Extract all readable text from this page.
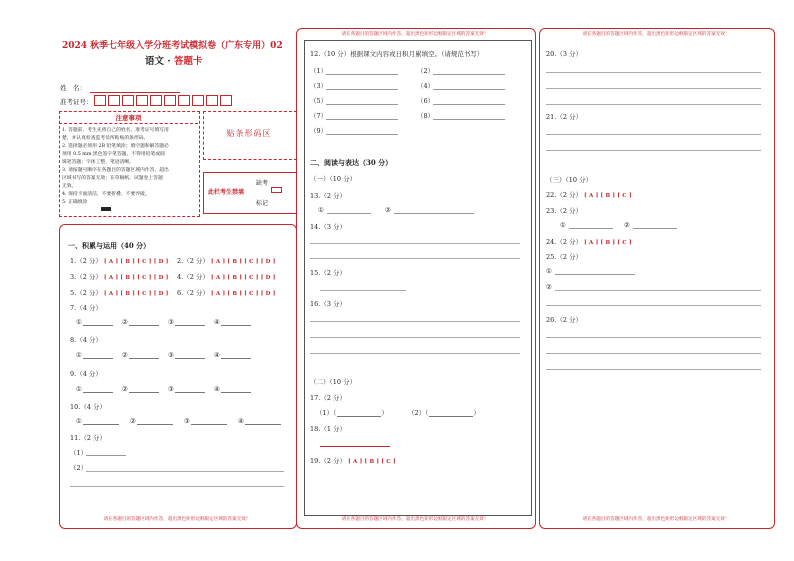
2024 秋季七年级入学分班考试模拟卷（广东专用）02
语文 · 答题卡
姓　名：
准考证号：
注意事项
1. 答题前，考生先将自己的姓名，准考证号填写清
楚，并认真检查监考员所粘贴的条形码。
2. 选择题必须用 2B 铅笔填涂；填空题和解答题必
须用 0.5 mm 黑色签字笔答题，不得用铅笔或圆
珠笔答题；字体工整、笔迹清晰。
3. 请按题号顺序在各题目的答题区域内作答，超出
区域书写的答案无效；在草稿纸、试题卷上答题
无效。
4. 保持卡面清洁，不要折叠、不要弄破。
5. 正确填涂
贴条形码区
此栏考生禁填
缺考
标记
请在各题目的答题区域内作答，超出黑色矩形边框限定区域的答案无效！
一、积累与运用（40 分）
1.（2 分） [ A ] [ B ] [ C ] [ D ] 2.（2 分） [ A ] [ B ] [ C ] [ D ]
3.（2 分） [ A ] [ B ] [ C ] [ D ] 4.（2 分） [ A ] [ B ] [ C ] [ D ]
5.（2 分） [ A ] [ B ] [ C ] [ D ] 6.（2 分） [ A ] [ B ] [ C ] [ D ]
7.（4 分）
①	②	③	④
8.（4 分）
①	②	③	④
9.（4 分）
①	②	③	④
10.（4 分）
①	②	③	④
11.（2 分）
（1）
（2）
请在各题目的答题区域内作答，超出黑色矩形边框限定区域的答案无效！
请在各题目的答题区域内作答，超出黑色矩形边框限定区域的答案无效！
12.（10 分）根据课文内容或日积月累填空。（请规范书写）
（1）	（2）
（3）	（4）
（5）	（6）
（7）	（8）
（9）
二、阅读与表达（30 分）
（一）（10 分）
13.（2 分）
①	②
14.（3 分）
15.（2 分）
16.（3 分）
（二）（10 分）
17.（2 分）
（1）（	）	（2）（	）
18.（1 分）
19.（2 分） [ A ] [ B ] [ C ]
请在各题目的答题区域内作答，超出黑色矩形边框限定区域的答案无效！
请在各题目的答题区域内作答，超出黑色矩形边框限定区域的答案无效！
20.（3 分）
21.（2 分）
（三）（10 分）
22.（2 分） [ A ] [ B ] [ C ]
23.（2 分）
①	②
24.（2 分） [ A ] [ B ] [ C ]
25.（2 分）
①
②
26.（2 分）
